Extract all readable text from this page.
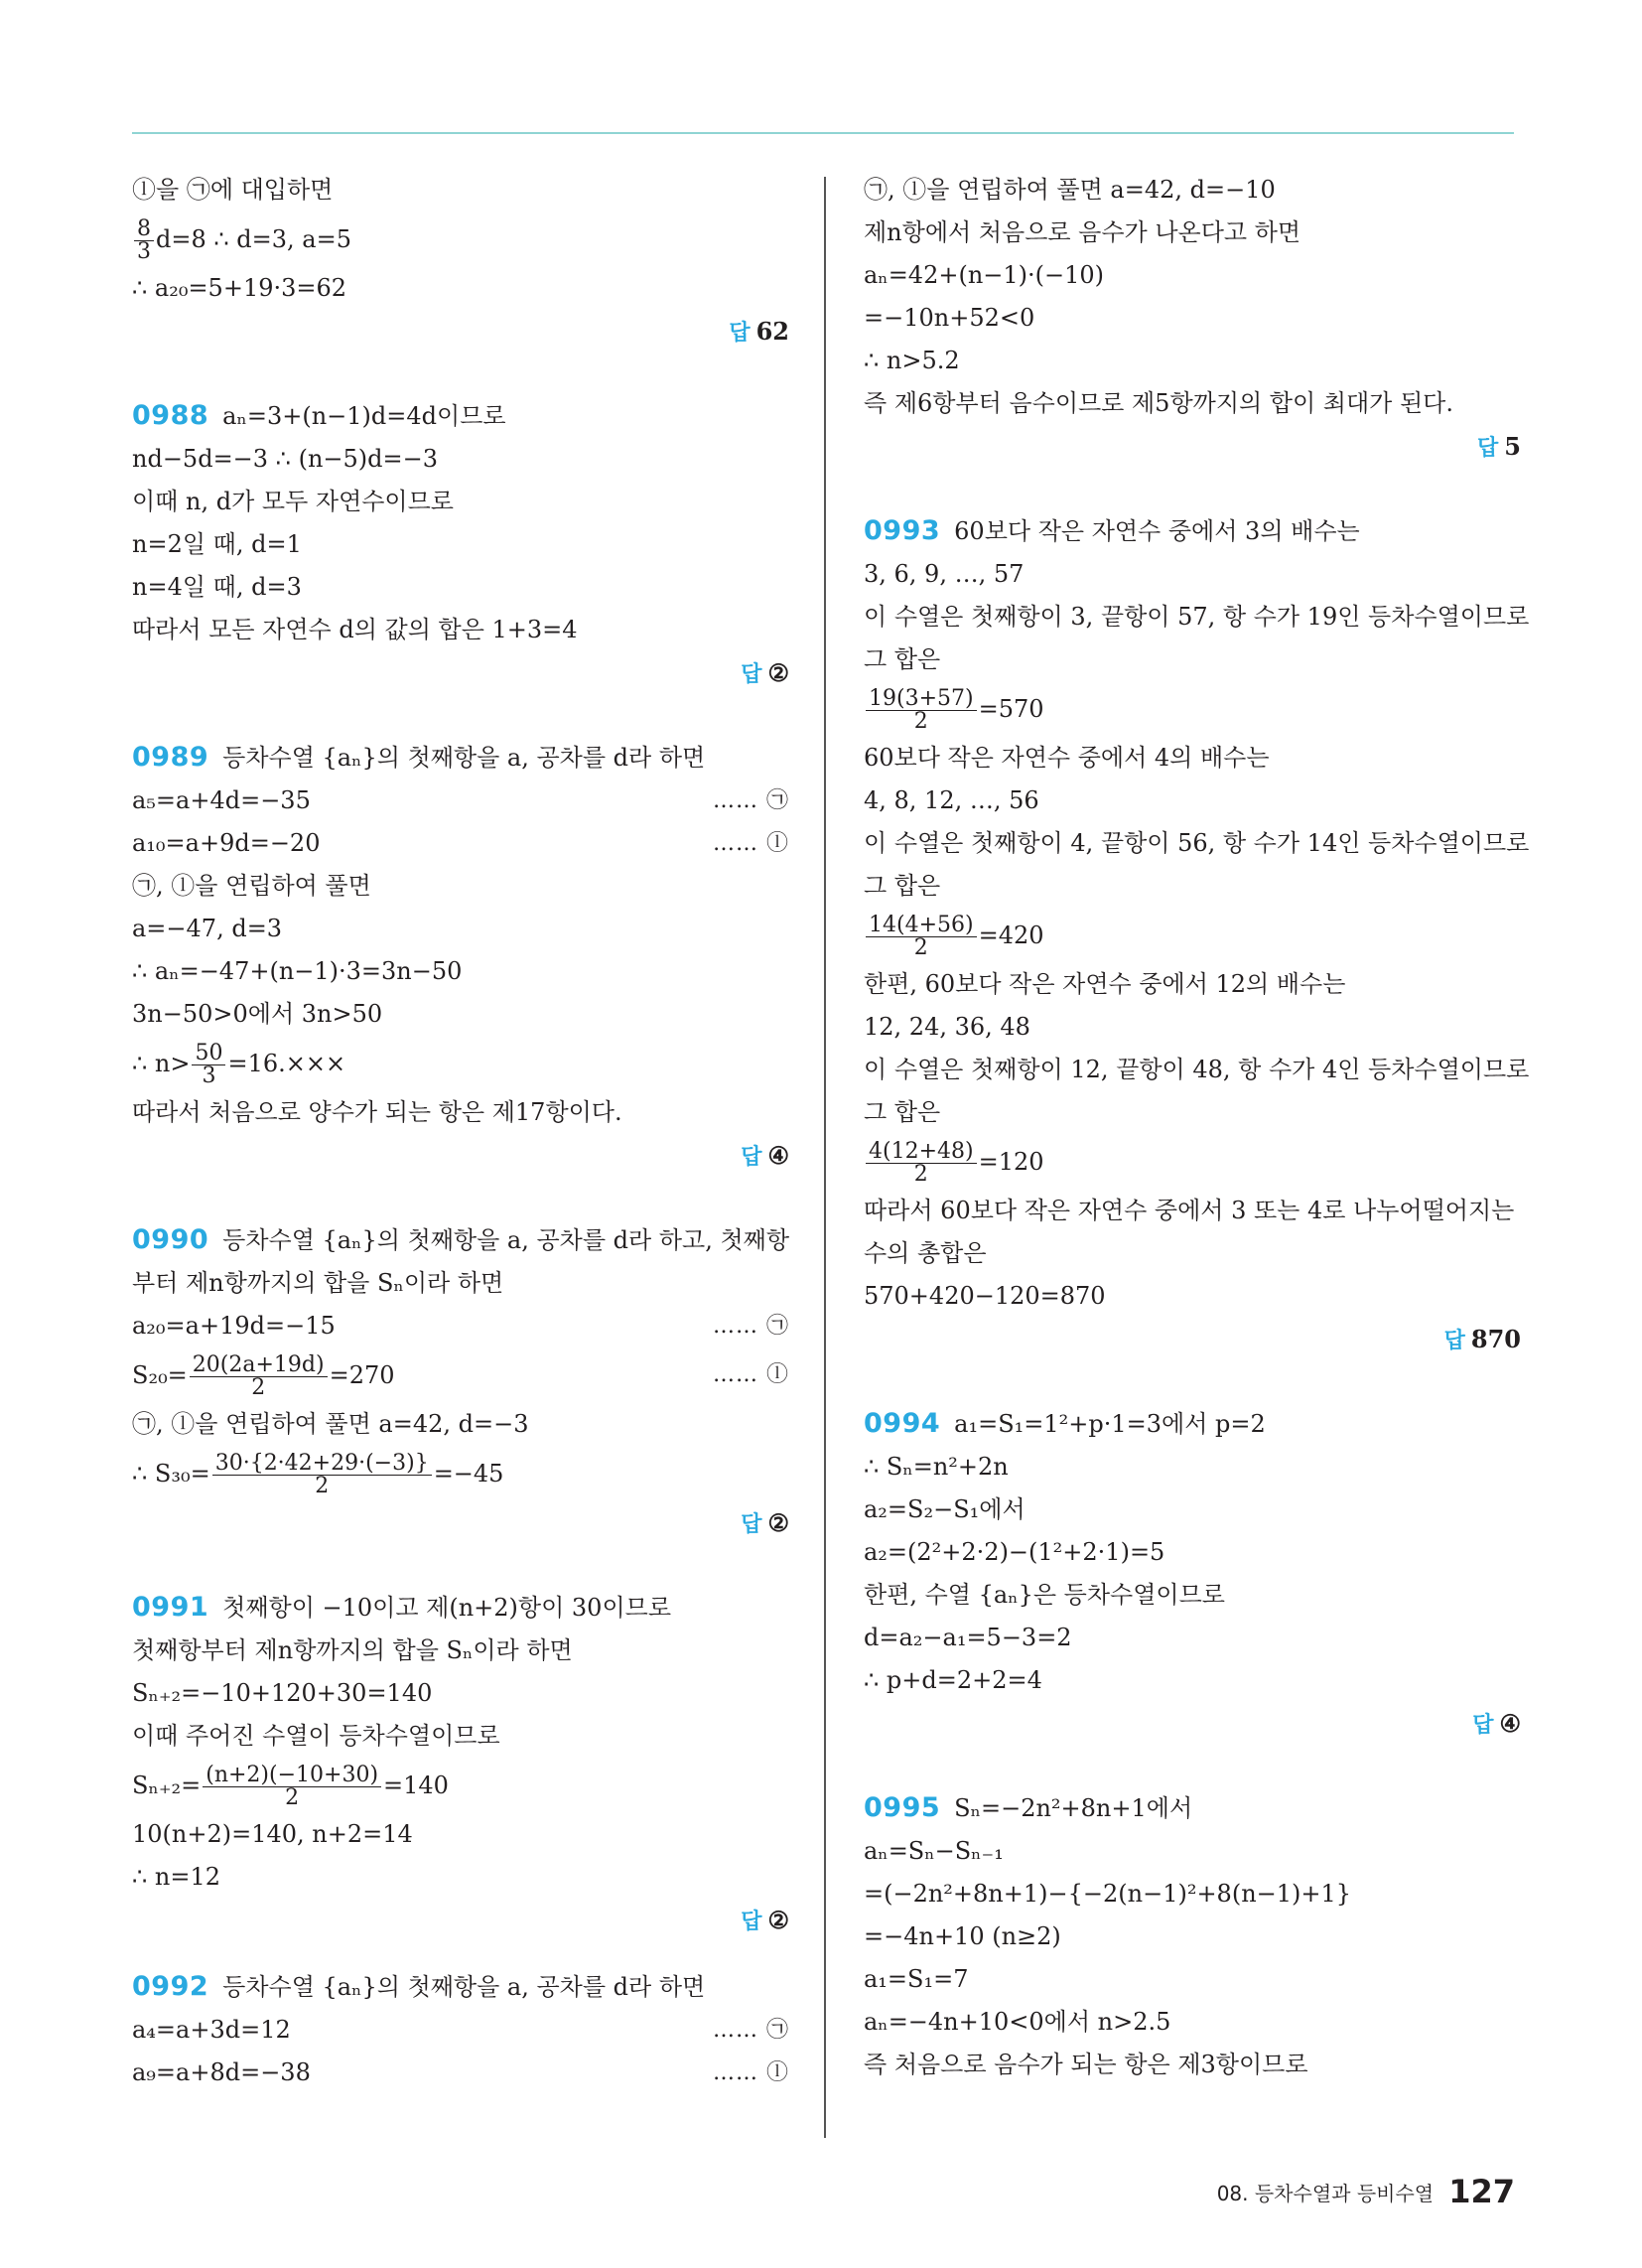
ⓛ을 ㉠에 대입하면
$\frac{8}{3} d=8$ ∴ d=3, a=5
∴ a₂₀=5+19·3=62
답 62
0988 aₙ=3+(n−1)d=4d이므로
nd−5d=−3 ∴ (n−5)d=−3
이때 n, d가 모두 자연수이므로
n=2일 때, d=1
n=4일 때, d=3
따라서 모든 자연수 d의 값의 합은 1+3=4
답 ②
0989 등차수열 {aₙ}의 첫째항을 a, 공차를 d라 하면
a₅=a+4d=−35	…… ㉠
a₁₀=a+9d=−20	…… ⓛ
㉠, ⓛ을 연립하여 풀면
a=−47, d=3
∴ aₙ=−47+(n−1)·3=3n−50
3n−50>0에서 3n>50
∴ $n> \frac{50}{3} =16.\times\times\times$
따라서 처음으로 양수가 되는 항은 제17항이다.
답 ④
0990 등차수열 {aₙ}의 첫째항을 a, 공차를 d라 하고, 첫째항
부터 제n항까지의 합을 Sₙ이라 하면
a₂₀=a+19d=−15	…… ㉠
$S_{20}= \frac{20(2a+19d)}{2} =270$	…… ⓛ
㉠, ⓛ을 연립하여 풀면 a=42, d=−3
∴ $S_{30}= \frac{30\cdot\{2\cdot 42+29\cdot(-3)\}}{2} =-45$
답 ②
0991 첫째항이 −10이고 제(n+2)항이 30이므로
첫째항부터 제n항까지의 합을 Sₙ이라 하면
Sₙ₊₂=−10+120+30=140
이때 주어진 수열이 등차수열이므로
$S_{n+2}= \frac{(n+2)(-10+30)}{2} =140$
10(n+2)=140, n+2=14
∴ n=12
답 ②
0992 등차수열 {aₙ}의 첫째항을 a, 공차를 d라 하면
a₄=a+3d=12	…… ㉠
a₉=a+8d=−38	…… ⓛ
㉠, ⓛ을 연립하여 풀면 a=42, d=−10
제n항에서 처음으로 음수가 나온다고 하면
aₙ=42+(n−1)·(−10)
=−10n+52<0
∴ n>5.2
즉 제6항부터 음수이므로 제5항까지의 합이 최대가 된다.
답 5
0993 60보다 작은 자연수 중에서 3의 배수는
3, 6, 9, …, 57
이 수열은 첫째항이 3, 끝항이 57, 항 수가 19인 등차수열이므로
그 합은
$\frac{19(3+57)}{2} =570$
60보다 작은 자연수 중에서 4의 배수는
4, 8, 12, …, 56
이 수열은 첫째항이 4, 끝항이 56, 항 수가 14인 등차수열이므로
그 합은
$\frac{14(4+56)}{2} =420$
한편, 60보다 작은 자연수 중에서 12의 배수는
12, 24, 36, 48
이 수열은 첫째항이 12, 끝항이 48, 항 수가 4인 등차수열이므로
그 합은
$\frac{4(12+48)}{2} =120$
따라서 60보다 작은 자연수 중에서 3 또는 4로 나누어떨어지는
수의 총합은
570+420−120=870
답 870
0994 a₁=S₁=1²+p·1=3에서 p=2
∴ Sₙ=n²+2n
a₂=S₂−S₁에서
a₂=(2²+2·2)−(1²+2·1)=5
한편, 수열 {aₙ}은 등차수열이므로
d=a₂−a₁=5−3=2
∴ p+d=2+2=4
답 ④
0995 Sₙ=−2n²+8n+1에서
aₙ=Sₙ−Sₙ₋₁
=(−2n²+8n+1)−{−2(n−1)²+8(n−1)+1}
=−4n+10 (n≥2)
a₁=S₁=7
aₙ=−4n+10<0에서 n>2.5
즉 처음으로 음수가 되는 항은 제3항이므로
08. 등차수열과 등비수열 127
